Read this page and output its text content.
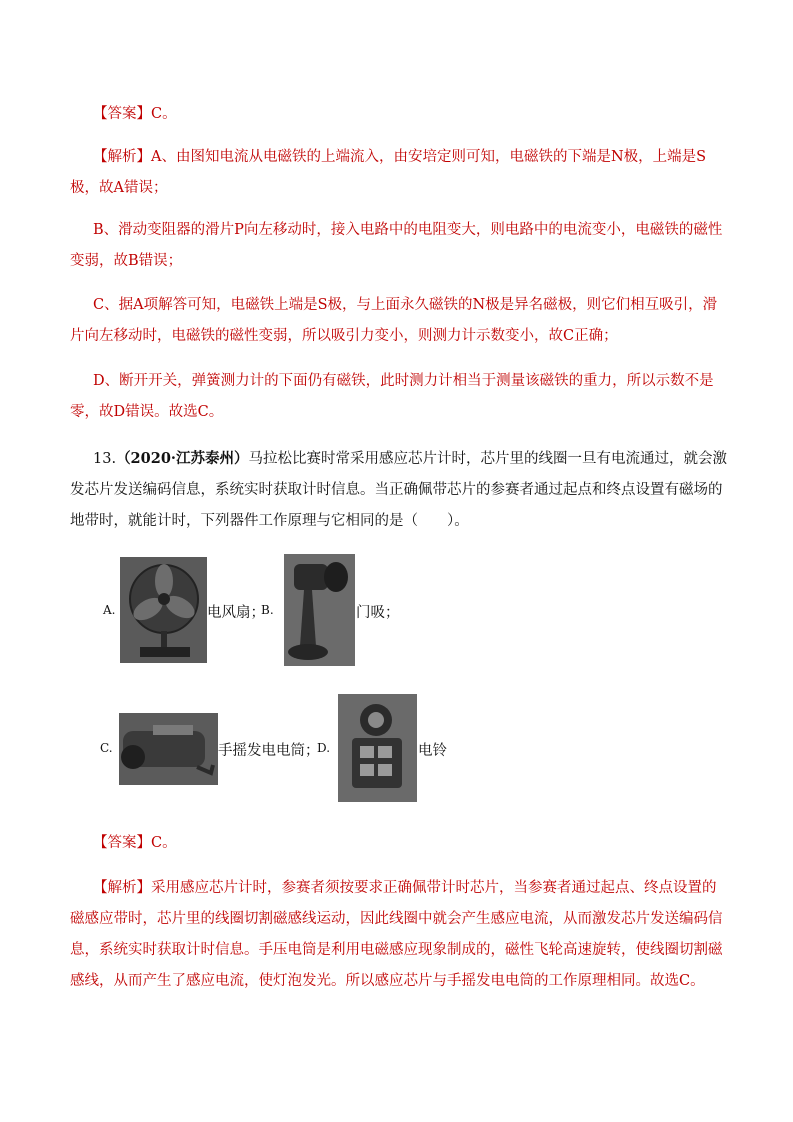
【答案】C。
【解析】A、由图知电流从电磁铁的上端流入，由安培定则可知，电磁铁的下端是N极，上端是S极，故A错误；
B、滑动变阻器的滑片P向左移动时，接入电路中的电阻变大，则电路中的电流变小，电磁铁的磁性变弱，故B错误；
C、据A项解答可知，电磁铁上端是S极，与上面永久磁铁的N极是异名磁极，则它们相互吸引，滑片向左移动时，电磁铁的磁性变弱，所以吸引力变小，则测力计示数变小，故C正确；
D、断开开关，弹簧测力计的下面仍有磁铁，此时测力计相当于测量该磁铁的重力，所以示数不是零，故D错误。故选C。
13.（2020·江苏泰州）马拉松比赛时常采用感应芯片计时，芯片里的线圈一旦有电流通过，就会激发芯片发送编码信息，系统实时获取计时信息。当正确佩带芯片的参赛者通过起点和终点设置有磁场的地带时，就能计时，下列器件工作原理与它相同的是（　　）。
A.	电风扇；
B.	门吸；
C.	手摇发电电筒；
D.	电铃
【答案】C。
【解析】采用感应芯片计时，参赛者须按要求正确佩带计时芯片，当参赛者通过起点、终点设置的磁感应带时，芯片里的线圈切割磁感线运动，因此线圈中就会产生感应电流，从而激发芯片发送编码信息，系统实时获取计时信息。手压电筒是利用电磁感应现象制成的，磁性飞轮高速旋转，使线圈切割磁感线，从而产生了感应电流，使灯泡发光。所以感应芯片与手摇发电电筒的工作原理相同。故选C。
